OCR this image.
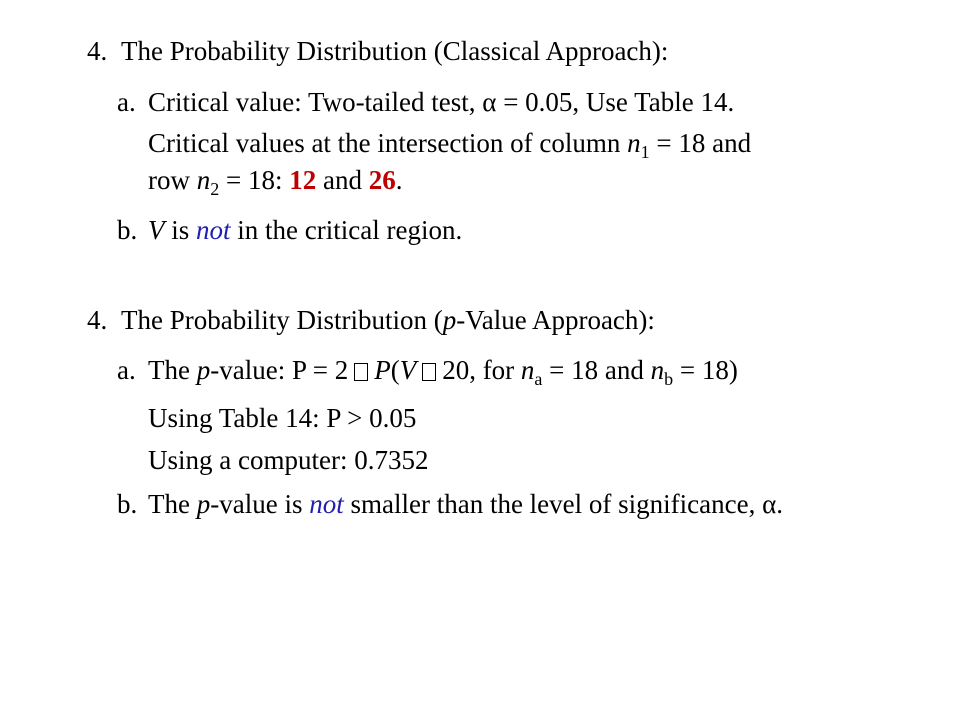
4. The Probability Distribution (Classical Approach):
a. Critical value: Two-tailed test, α = 0.05, Use Table 14.
Critical values at the intersection of column $n_1 = 18$ and
row $n_2 = 18$: 12 and 26.
b. V is not in the critical region.
4. The Probability Distribution (p-Value Approach):
a. The p-value: P = 2 P(V 20, for $n_a = 18$ and $n_b = 18$)
Using Table 14: P > 0.05
Using a computer: 0.7352
b. The p-value is not smaller than the level of significance, α.
